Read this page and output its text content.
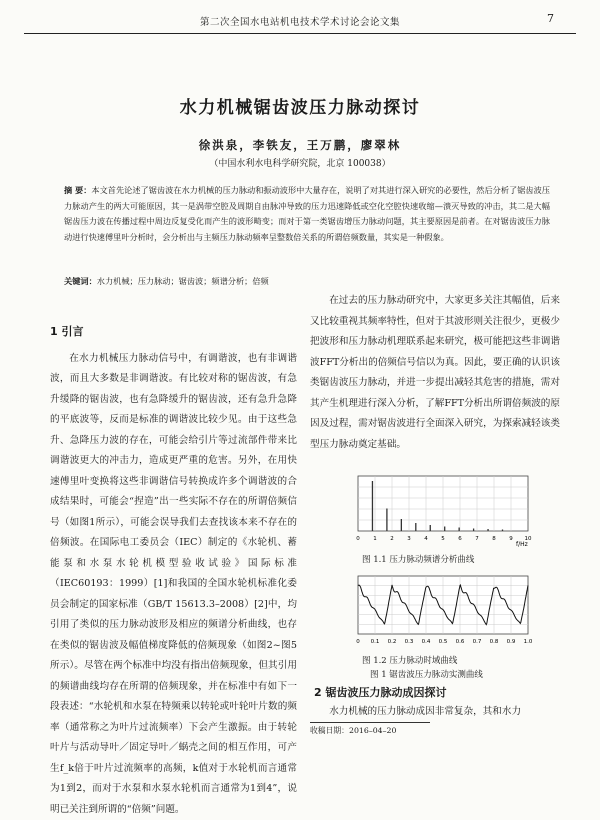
第二次全国水电站机电技术学术讨论会论文集	7
水力机械锯齿波压力脉动探讨
徐洪泉，李铁友，王万鹏，廖翠林
（中国水利水电科学研究院，北京 100038）
摘 要：本文首先论述了锯齿波在水力机械的压力脉动和振动波形中大量存在，说明了对其进行深入研究的必要性，然后分析了锯齿波压力脉动产生的两大可能原因，其一是涡带空腔及周期自由脉冲导致的压力迅速降低或空化空腔快速收缩—溃灭导致的冲击，其二是大幅锯齿压力波在传播过程中周边反复受化而产生的波形畸变；而对于第一类锯齿增压力脉动问题，其主要原因是前者。在对锯齿波压力脉动进行快速傅里叶分析时，会分析出与主频压力脉动频率呈整数倍关系的所谓倍频数量，其实是一种假象。
关键词：水力机械；压力脉动；锯齿波；频谱分析；倍频
1 引言

在水力机械压力脉动信号中，有调谐波，也有非调谐波，而且大多数是非调谐波。有比较对称的锯齿波，有急升缓降的锯齿波，也有急降缓升的锯齿波，还有急升急降的平底波等，反而是标准的调谐波比较少见。由于这些急升、急降压力波的存在，可能会给引片等过流部件带来比调谐波更大的冲击力，造成更严重的危害。另外，在用快速傅里叶变换将这些非调谐信号转换成许多个调谐波的合成结果时，可能会“捏造”出一些实际不存在的所谓倍频信号（如图1所示），可能会误导我们去查找该本来不存在的倍频波。在国际电工委员会（IEC）制定的《水轮机、蓄能泵和水泵水轮机模型验收试验》国际标准（IEC60193：1999）[1]和我国的全国水轮机标准化委员会制定的国家标准（GB/T 15613.3–2008）[2]中，均引用了类似的压力脉动波形及相应的频谱分析曲线，也存在类似的锯齿波及幅值梯度降低的倍频现象（如图2~图5所示）。尽管在两个标准中均没有指出倍频现象，但其引用的频谱曲线均存在所谓的倍频现象，并在标准中有如下一段表述：“水轮机和水泵在特频乘以转轮或叶轮叶片数的频率（通常称之为叶片过流频率）下会产生激振。由于转轮叶片与活动导叶／固定导叶／蜗壳之间的相互作用，可产生f_k倍于叶片过流频率的高频，k值对于水轮机而言通常为1到2，而对于水泵和水泵水轮机而言通常为1到4”，说明已关注到所谓的“倍频”问题。

在过去的压力脉动研究中，大家更多关注其幅值，后来又比较重视其频率特性，但对于其波形则关注很少，更极少把波形和压力脉动机理联系起来研究，极可能把这些非调谐波FFT分析出的倍频信号信以为真。因此，要正确的认识该类锯齿波压力脉动，并进一步提出减轻其危害的措施，需对其产生机理进行深入分析，了解FFT分析出所谓倍频波的原因及过程，需对锯齿波进行全面深入研究，为探索减轻该类型压力脉动奠定基础。

0 1 2 3 4 5 6 7 8 9 10
f/Hz
图 1.1 压力脉动频谱分析曲线
0 0.1 0.2 0.3 0.4 0.5 0.6 0.7 0.8 0.9 1.0
图 1.2 压力脉动时域曲线
图 1 锯齿波压力脉动实测曲线
2 锯齿波压力脉动成因探讨
水力机械的压力脉动成因非常复杂，其和水力
收稿日期：2016–04–20
